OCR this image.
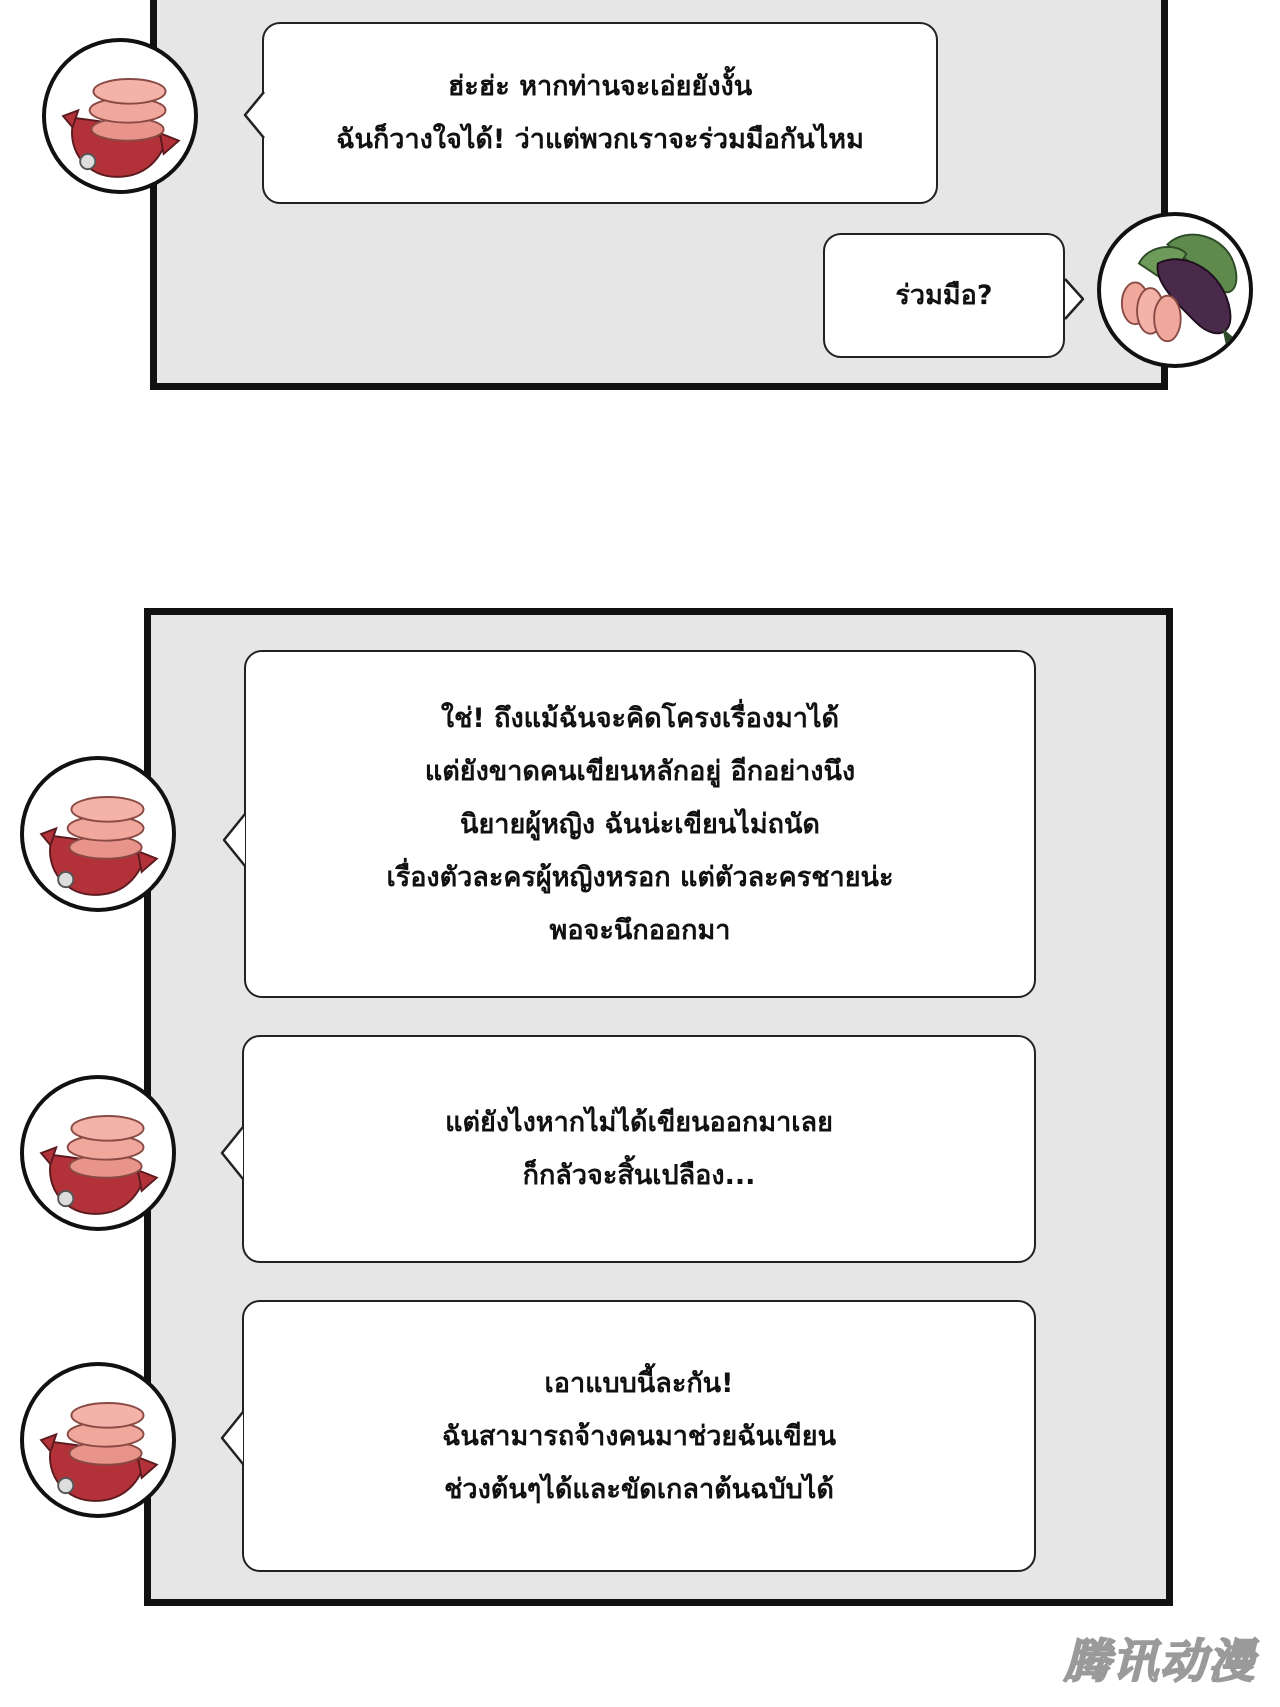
ฮ่ะฮ่ะ หากท่านจะเอ่ยยังงั้น
ฉันก็วางใจได้! ว่าแต่พวกเราจะร่วมมือกันไหม
ร่วมมือ?
ใช่! ถึงแม้ฉันจะคิดโครงเรื่องมาได้
แต่ยังขาดคนเขียนหลักอยู่ อีกอย่างนึง
นิยายผู้หญิง ฉันน่ะเขียนไม่ถนัด
เรื่องตัวละครผู้หญิงหรอก แต่ตัวละครชายน่ะ
พอจะนึกออกมา
แต่ยังไงหากไม่ได้เขียนออกมาเลย
ก็กลัวจะสิ้นเปลือง...
เอาแบบนี้ละกัน!
ฉันสามารถจ้างคนมาช่วยฉันเขียน
ช่วงต้นๆได้และขัดเกลาต้นฉบับได้
腾讯动漫
